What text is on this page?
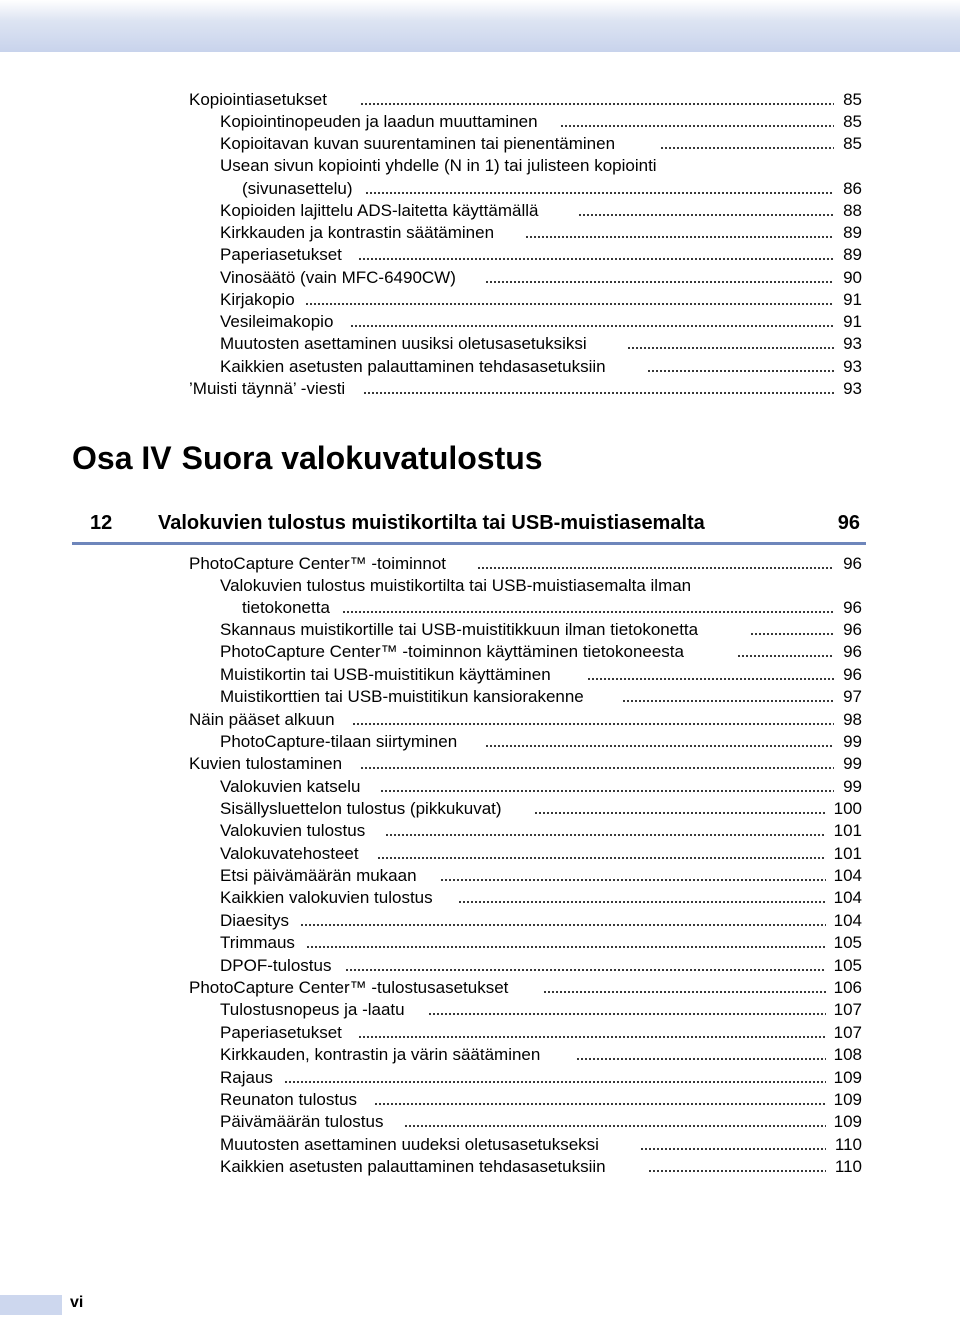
Kopiointiasetukset	85
Kopiointinopeuden ja laadun muuttaminen	85
Kopioitavan kuvan suurentaminen tai pienentäminen	85
Usean sivun kopiointi yhdelle (N in 1) tai julisteen kopiointi
(sivunasettelu)	86
Kopioiden lajittelu ADS-laitetta käyttämällä	88
Kirkkauden ja kontrastin säätäminen	89
Paperiasetukset	89
Vinosäätö (vain MFC-6490CW)	90
Kirjakopio	91
Vesileimakopio	91
Muutosten asettaminen uusiksi oletusasetuksiksi	93
Kaikkien asetusten palauttaminen tehdasasetuksiin	93
’Muisti täynnä’ -viesti	93
Osa IV Suora valokuvatulostus
12 Valokuvien tulostus muistikortilta tai USB-muistiasemalta	96
PhotoCapture Center™ -toiminnot	96
Valokuvien tulostus muistikortilta tai USB-muistiasemalta ilman
tietokonetta	96
Skannaus muistikortille tai USB-muistitikkuun ilman tietokonetta	96
PhotoCapture Center™ -toiminnon käyttäminen tietokoneesta	96
Muistikortin tai USB-muistitikun käyttäminen	96
Muistikorttien tai USB-muistitikun kansiorakenne	97
Näin pääset alkuun	98
PhotoCapture-tilaan siirtyminen	99
Kuvien tulostaminen	99
Valokuvien katselu	99
Sisällysluettelon tulostus (pikkukuvat)	100
Valokuvien tulostus	101
Valokuvatehosteet	101
Etsi päivämäärän mukaan	104
Kaikkien valokuvien tulostus	104
Diaesitys	104
Trimmaus	105
DPOF-tulostus	105
PhotoCapture Center™ -tulostusasetukset	106
Tulostusnopeus ja -laatu	107
Paperiasetukset	107
Kirkkauden, kontrastin ja värin säätäminen	108
Rajaus	109
Reunaton tulostus	109
Päivämäärän tulostus	109
Muutosten asettaminen uudeksi oletusasetukseksi	110
Kaikkien asetusten palauttaminen tehdasasetuksiin	110
vi
